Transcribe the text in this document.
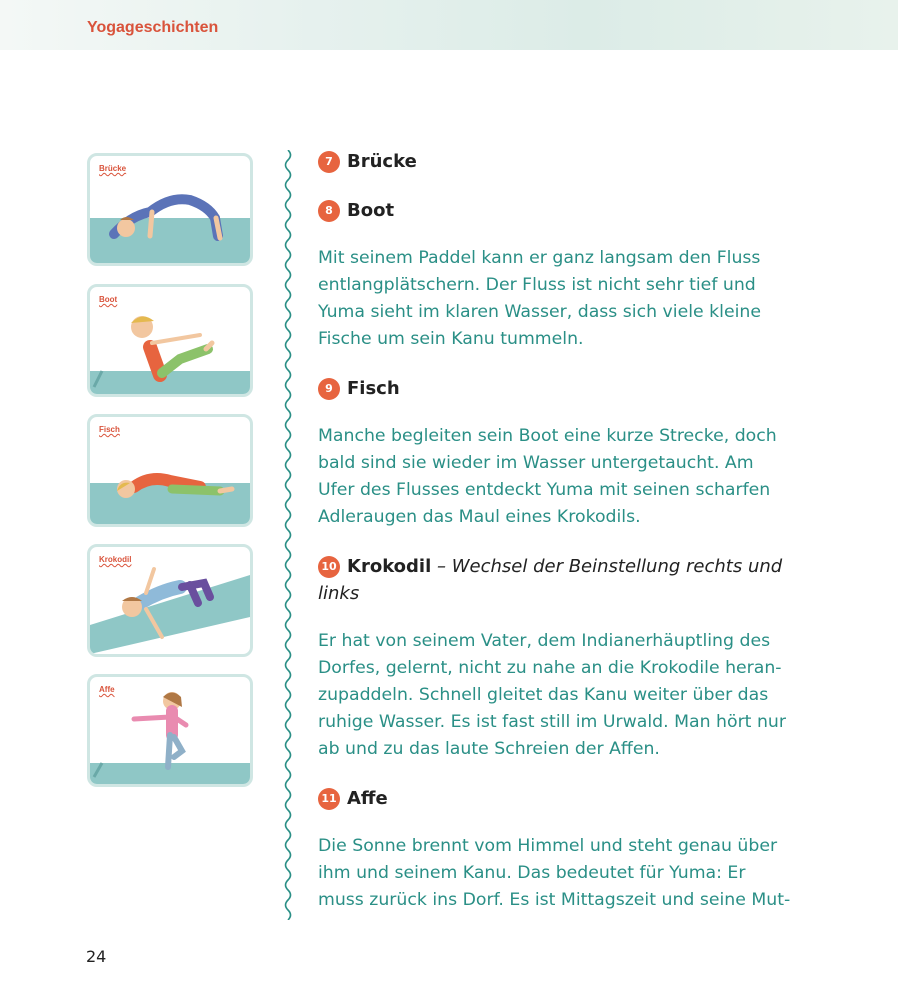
Yogageschichten
Brücke
Boot
Fisch
Krokodil
Affe
7 Brücke
8 Boot
Mit seinem Paddel kann er ganz langsam den Fluss
entlangplätschern. Der Fluss ist nicht sehr tief und
Yuma sieht im klaren Wasser, dass sich viele kleine
Fische um sein Kanu tummeln.
9 Fisch
Manche begleiten sein Boot eine kurze Strecke, doch
bald sind sie wieder im Wasser untergetaucht. Am
Ufer des Flusses entdeckt Yuma mit seinen scharfen
Adleraugen das Maul eines Krokodils.
10 Krokodil – Wechsel der Beinstellung rechts und
links
Er hat von seinem Vater, dem Indianerhäuptling des
Dorfes, gelernt, nicht zu nahe an die Krokodile heran-
zupaddeln. Schnell gleitet das Kanu weiter über das
ruhige Wasser. Es ist fast still im Urwald. Man hört nur
ab und zu das laute Schreien der Affen.
11 Affe
Die Sonne brennt vom Himmel und steht genau über
ihm und seinem Kanu. Das bedeutet für Yuma: Er
muss zurück ins Dorf. Es ist Mittagszeit und seine Mut-
24
